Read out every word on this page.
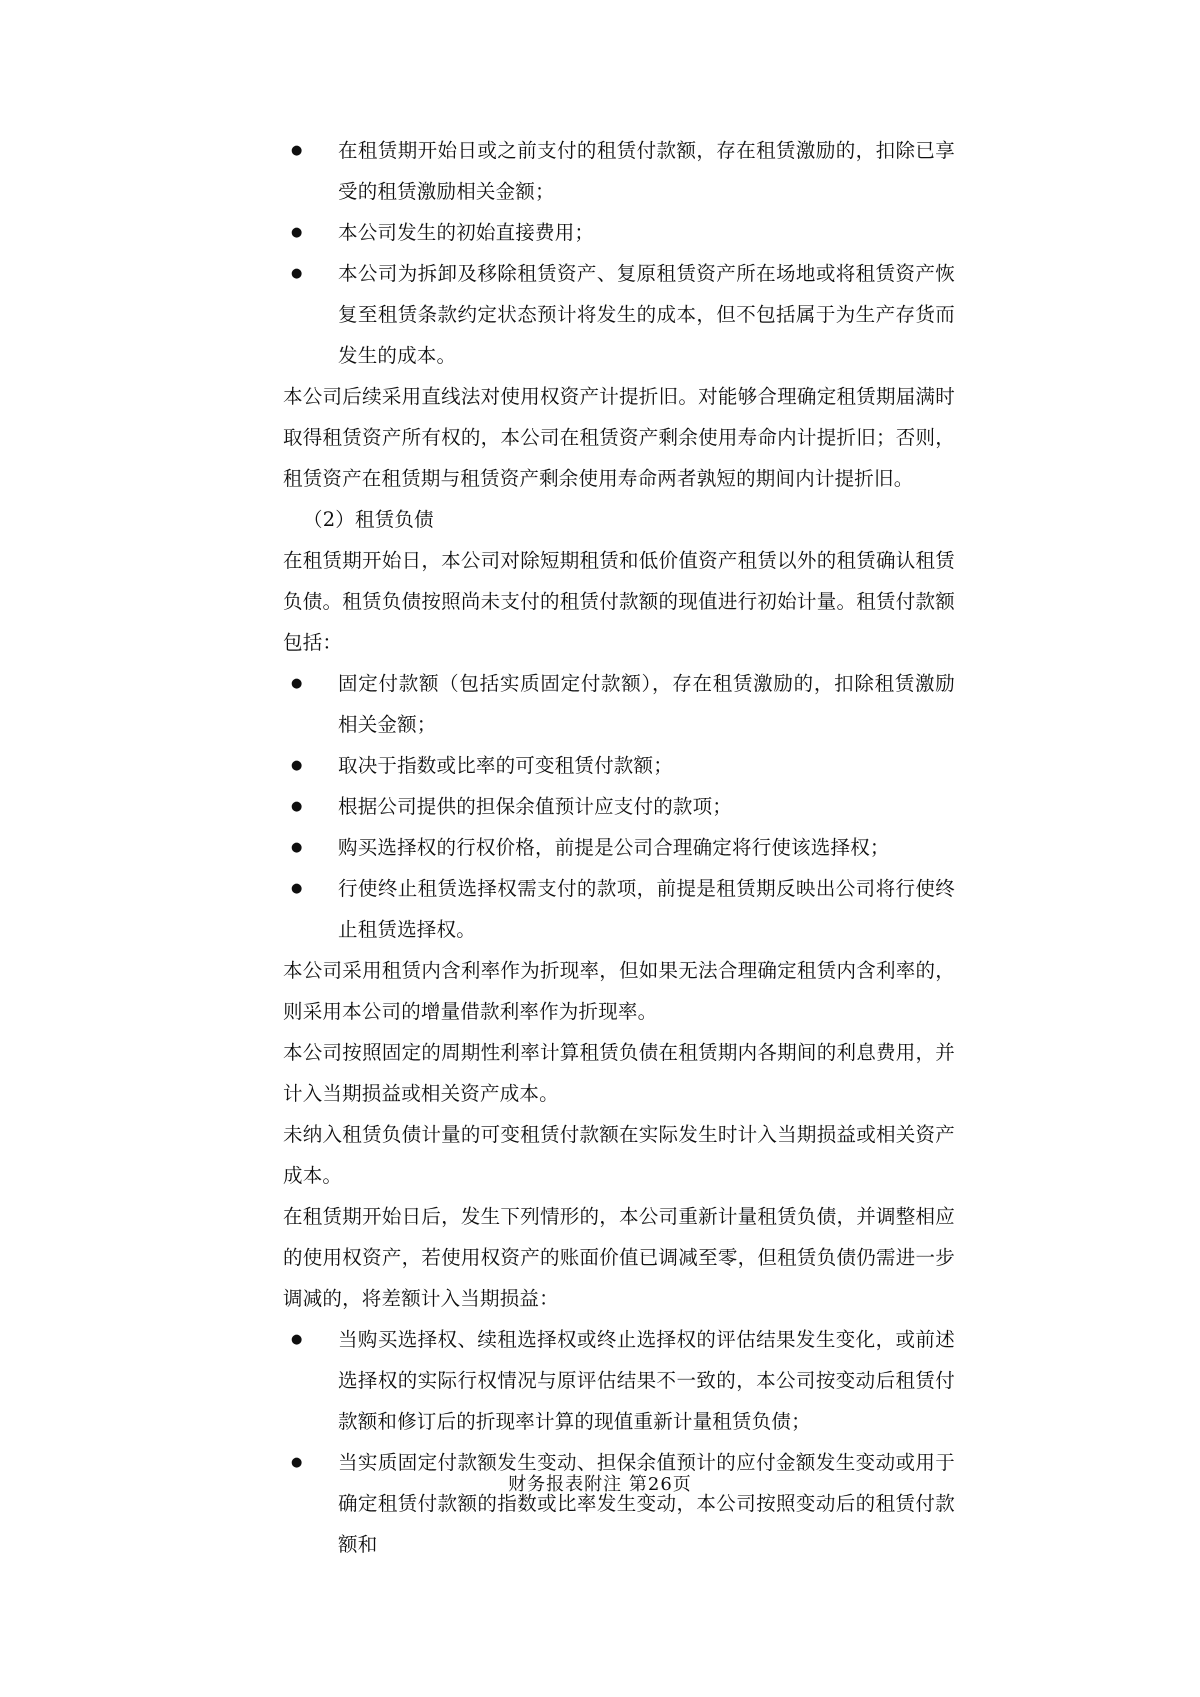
● 在租赁期开始日或之前支付的租赁付款额，存在租赁激励的，扣除已享受的租赁激励相关金额；
● 本公司发生的初始直接费用；
● 本公司为拆卸及移除租赁资产、复原租赁资产所在场地或将租赁资产恢复至租赁条款约定状态预计将发生的成本，但不包括属于为生产存货而发生的成本。

本公司后续采用直线法对使用权资产计提折旧。对能够合理确定租赁期届满时取得租赁资产所有权的，本公司在租赁资产剩余使用寿命内计提折旧；否则，租赁资产在租赁期与租赁资产剩余使用寿命两者孰短的期间内计提折旧。

（2）租赁负债

在租赁期开始日，本公司对除短期租赁和低价值资产租赁以外的租赁确认租赁负债。租赁负债按照尚未支付的租赁付款额的现值进行初始计量。租赁付款额包括：

● 固定付款额（包括实质固定付款额），存在租赁激励的，扣除租赁激励相关金额；
● 取决于指数或比率的可变租赁付款额；
● 根据公司提供的担保余值预计应支付的款项；
● 购买选择权的行权价格，前提是公司合理确定将行使该选择权；
● 行使终止租赁选择权需支付的款项，前提是租赁期反映出公司将行使终止租赁选择权。

本公司采用租赁内含利率作为折现率，但如果无法合理确定租赁内含利率的，则采用本公司的增量借款利率作为折现率。

本公司按照固定的周期性利率计算租赁负债在租赁期内各期间的利息费用，并计入当期损益或相关资产成本。

未纳入租赁负债计量的可变租赁付款额在实际发生时计入当期损益或相关资产成本。

在租赁期开始日后，发生下列情形的，本公司重新计量租赁负债，并调整相应的使用权资产，若使用权资产的账面价值已调减至零，但租赁负债仍需进一步调减的，将差额计入当期损益：

● 当购买选择权、续租选择权或终止选择权的评估结果发生变化，或前述选择权的实际行权情况与原评估结果不一致的，本公司按变动后租赁付款额和修订后的折现率计算的现值重新计量租赁负债；
● 当实质固定付款额发生变动、担保余值预计的应付金额发生变动或用于确定租赁付款额的指数或比率发生变动，本公司按照变动后的租赁付款额和
财务报表附注 第26页
